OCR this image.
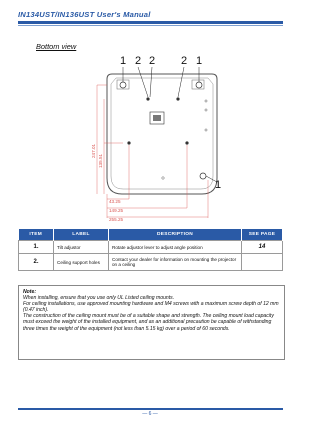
IN134UST/IN136UST User's Manual
Bottom view
1 2 2 2 1
1
247.01
135.51
43.25
149.25
255.25
ITEM	LABEL	DESCRIPTION	SEE PAGE
1.	Tilt adjustor	Rotate adjustor lever to adjust angle position	14
2.	Ceiling support holes	Contact your dealer for information on mounting the projector on a ceiling	
Note:
When installing, ensure that you use only UL Listed ceiling mounts.
For ceiling installations, use approved mounting hardware and M4 screws with a maximum screw depth of 12 mm (0.47 inch).
The construction of the ceiling mount must be of a suitable shape and strength. The ceiling mount load capacity must exceed the weight of the installed equipment, and as an additional precaution be capable of withstanding three times the weight of the equipment (not less than 5.15 kg) over a period of 60 seconds.
— 6 —
